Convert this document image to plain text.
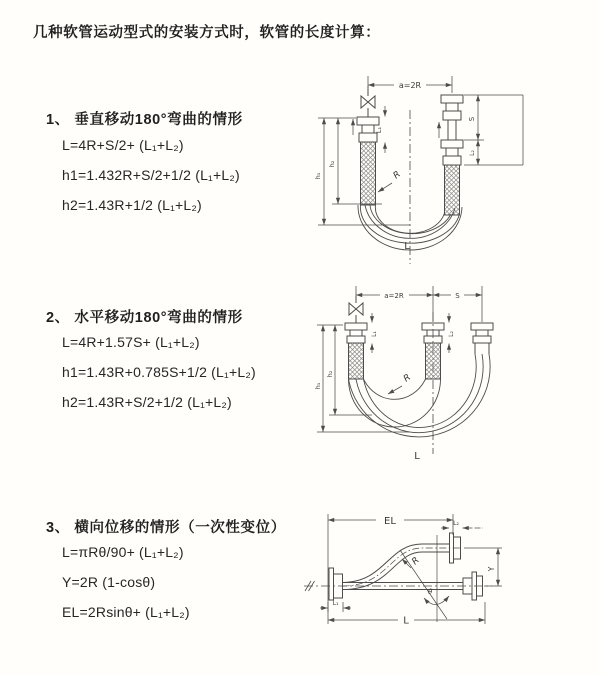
几种软管运动型式的安装方式时，软管的长度计算：
1、 垂直移动180°弯曲的情形
L=4R+S/2+ (L₁+L₂)
h1=1.432R+S/2+1/2 (L₁+L₂)
h2=1.43R+1/2 (L₁+L₂)
2、 水平移动180°弯曲的情形
L=4R+1.57S+ (L₁+L₂)
h1=1.43R+0.785S+1/2 (L₁+L₂)
h2=1.43R+S/2+1/2 (L₁+L₂)
3、 横向位移的情形（一次性变位）
L=πRθ/90+ (L₁+L₂)
Y=2R (1-cosθ)
EL=2Rsinθ+ (L₁+L₂)
a=2R
L₁
S
L₂
h₁
h₂
R
L
a=2R	S
L₁	L₂
h₁
h₂	R
L
EL	L₂
R
θ
Y
L₁
L
